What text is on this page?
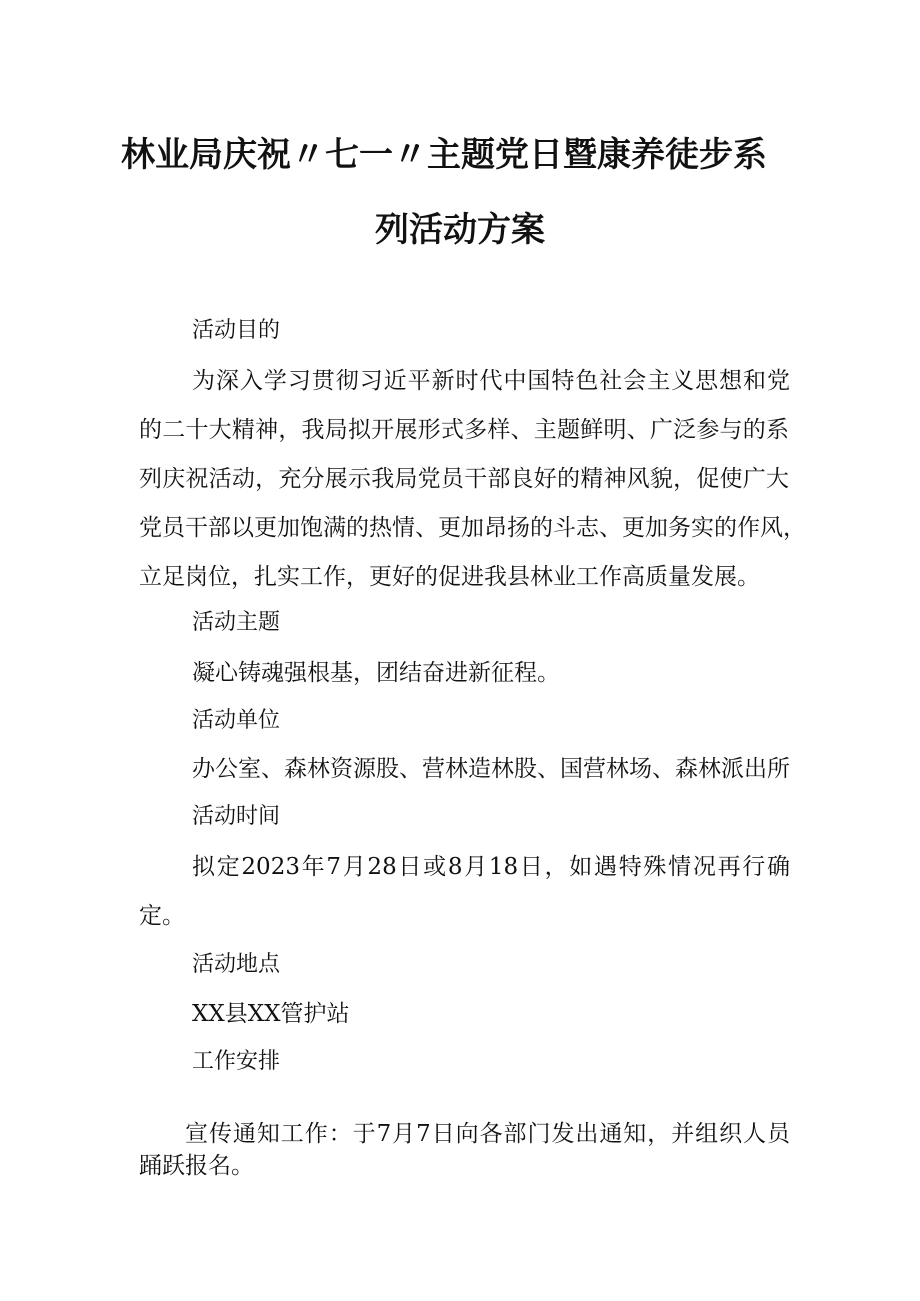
林业局庆祝〃七一〃主题党日暨康养徒步系
列活动方案

活动目的

为深入学习贯彻习近平新时代中国特色社会主义思想和党

的二十大精神，我局拟开展形式多样、主题鲜明、广泛参与的系

列庆祝活动，充分展示我局党员干部良好的精神风貌，促使广大

党员干部以更加饱满的热情、更加昂扬的斗志、更加务实的作风，

立足岗位，扎实工作，更好的促进我县林业工作高质量发展。

活动主题

凝心铸魂强根基，团结奋进新征程。

活动单位

办公室、森林资源股、营林造林股、国营林场、森林派出所

活动时间

拟定2023年7月28日或8月18日，如遇特殊情况再行确

定。

活动地点

XX县XX管护站

工作安排

宣传通知工作：于7月7日向各部门发出通知，并组织人员

踊跃报名。
